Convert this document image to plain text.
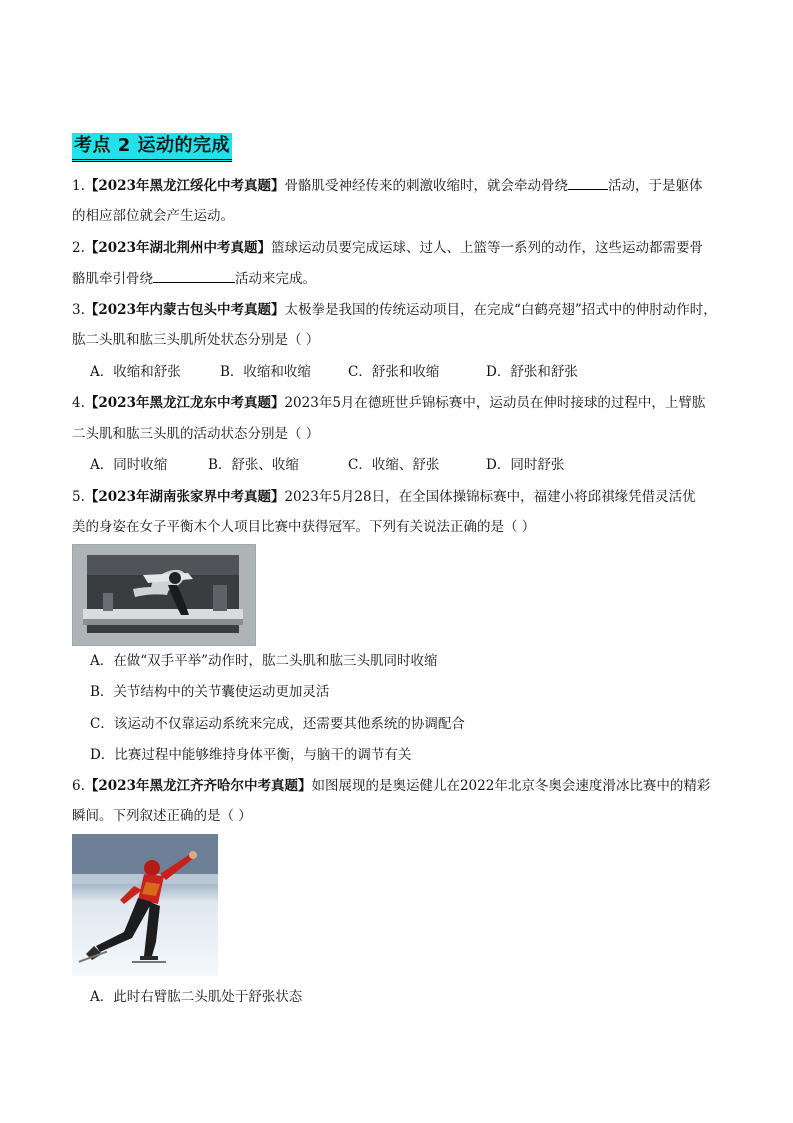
考点 2 运动的完成
1.【2023年黑龙江绥化中考真题】骨骼肌受神经传来的刺激收缩时，就会牵动骨绕	活动，于是躯体
的相应部位就会产生运动。
2.【2023年湖北荆州中考真题】篮球运动员要完成运球、过人、上篮等一系列的动作，这些运动都需要骨
骼肌牵引骨绕	活动来完成。
3.【2023年内蒙古包头中考真题】太极拳是我国的传统运动项目，在完成“白鹤亮翅”招式中的伸肘动作时，
肱二头肌和肱三头肌所处状态分别是（ ）
A．收缩和舒张	B．收缩和收缩	C．舒张和收缩	D．舒张和舒张
4.【2023年黑龙江龙东中考真题】2023年5月在德班世乒锦标赛中，运动员在伸时接球的过程中，上臂肱
二头肌和肱三头肌的活动状态分别是（ ）
A．同时收缩	B．舒张、收缩	C．收缩、舒张	D．同时舒张
5.【2023年湖南张家界中考真题】2023年5月28日，在全国体操锦标赛中，福建小将邱祺缘凭借灵活优
美的身姿在女子平衡木个人项目比赛中获得冠军。下列有关说法正确的是（ ）
A．在做“双手平举”动作时，肱二头肌和肱三头肌同时收缩
B．关节结构中的关节囊使运动更加灵活
C．该运动不仅靠运动系统来完成，还需要其他系统的协调配合
D．比赛过程中能够维持身体平衡，与脑干的调节有关
6.【2023年黑龙江齐齐哈尔中考真题】如图展现的是奥运健儿在2022年北京冬奥会速度滑冰比赛中的精彩
瞬间。下列叙述正确的是（ ）
A．此时右臂肱二头肌处于舒张状态
